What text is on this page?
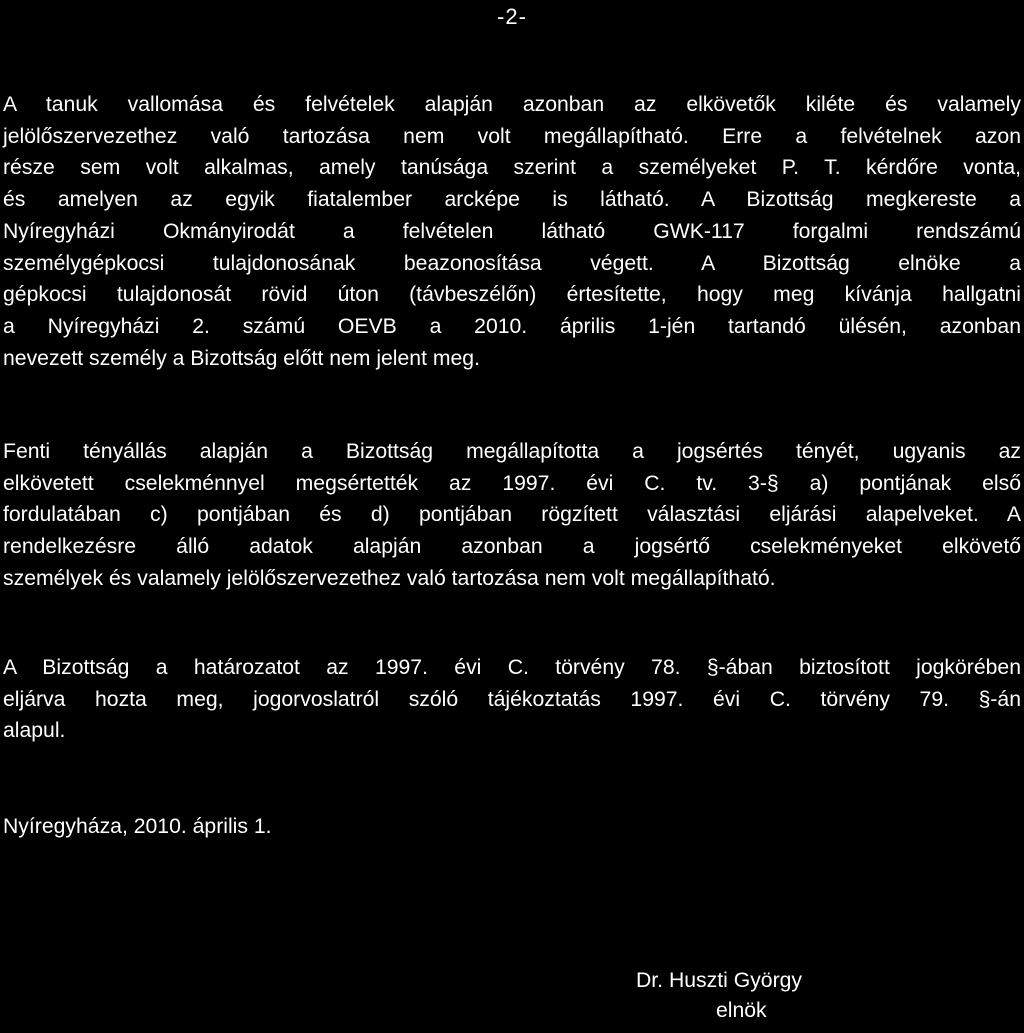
-2-
A tanuk vallomása és felvételek alapján azonban az elkövetők kiléte és valamely
jelölőszervezethez való tartozása nem volt megállapítható. Erre a felvételnek azon
része sem volt alkalmas, amely tanúsága szerint a személyeket P. T. kérdőre vonta,
és amelyen az egyik fiatalember arcképe is látható. A Bizottság megkereste a
Nyíregyházi Okmányirodát a felvételen látható GWK-117 forgalmi rendszámú
személygépkocsi tulajdonosának beazonosítása végett. A Bizottság elnöke a
gépkocsi tulajdonosát rövid úton (távbeszélőn) értesítette, hogy meg kívánja hallgatni
a Nyíregyházi 2. számú OEVB a 2010. április 1-jén tartandó ülésén, azonban
nevezett személy a Bizottság előtt nem jelent meg.
Fenti tényállás alapján a Bizottság megállapította a jogsértés tényét, ugyanis az
elkövetett cselekménnyel megsértették az 1997. évi C. tv. 3-§ a) pontjának első
fordulatában c) pontjában és d) pontjában rögzített választási eljárási alapelveket. A
rendelkezésre álló adatok alapján azonban a jogsértő cselekményeket elkövető
személyek és valamely jelölőszervezethez való tartozása nem volt megállapítható.
A Bizottság a határozatot az 1997. évi C. törvény 78. §-ában biztosított jogkörében
eljárva hozta meg, jogorvoslatról szóló tájékoztatás 1997. évi C. törvény 79. §-án
alapul.
Nyíregyháza, 2010. április 1.
Dr. Huszti György
elnök
